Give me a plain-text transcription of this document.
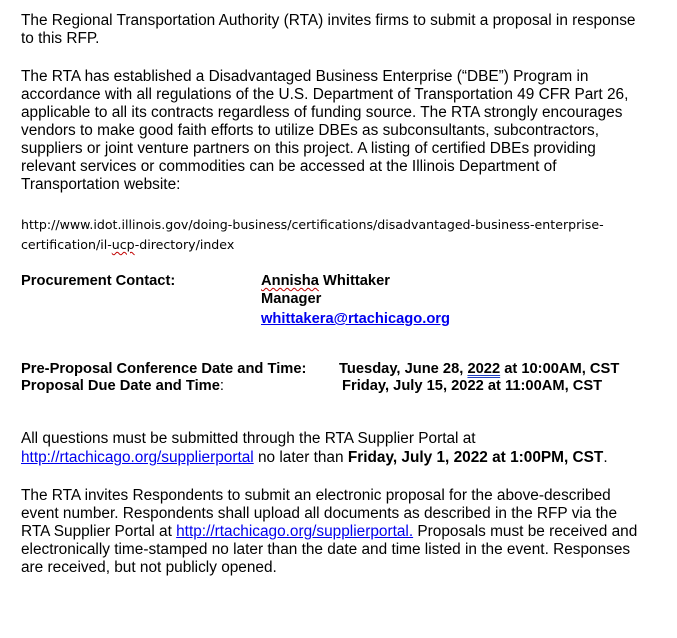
The Regional Transportation Authority (RTA) invites firms to submit a proposal in response
to this RFP.
The RTA has established a Disadvantaged Business Enterprise (“DBE”) Program in
accordance with all regulations of the U.S. Department of Transportation 49 CFR Part 26,
applicable to all its contracts regardless of funding source. The RTA strongly encourages
vendors to make good faith efforts to utilize DBEs as subconsultants, subcontractors,
suppliers or joint venture partners on this project. A listing of certified DBEs providing
relevant services or commodities can be accessed at the Illinois Department of
Transportation website:
http://www.idot.illinois.gov/doing-business/certifications/disadvantaged-business-enterprise-
certification/il-ucp-directory/index
Procurement Contact:	Annisha Whittaker
Manager
whittakera@rtachicago.org
Pre-Proposal Conference Date and Time: Tuesday, June 28, 2022 at 10:00AM, CST
Proposal Due Date and Time:	Friday, July 15, 2022 at 11:00AM, CST
All questions must be submitted through the RTA Supplier Portal at
http://rtachicago.org/supplierportal no later than Friday, July 1, 2022 at 1:00PM, CST.
The RTA invites Respondents to submit an electronic proposal for the above-described
event number. Respondents shall upload all documents as described in the RFP via the
RTA Supplier Portal at http://rtachicago.org/supplierportal. Proposals must be received and
electronically time-stamped no later than the date and time listed in the event. Responses
are received, but not publicly opened.
